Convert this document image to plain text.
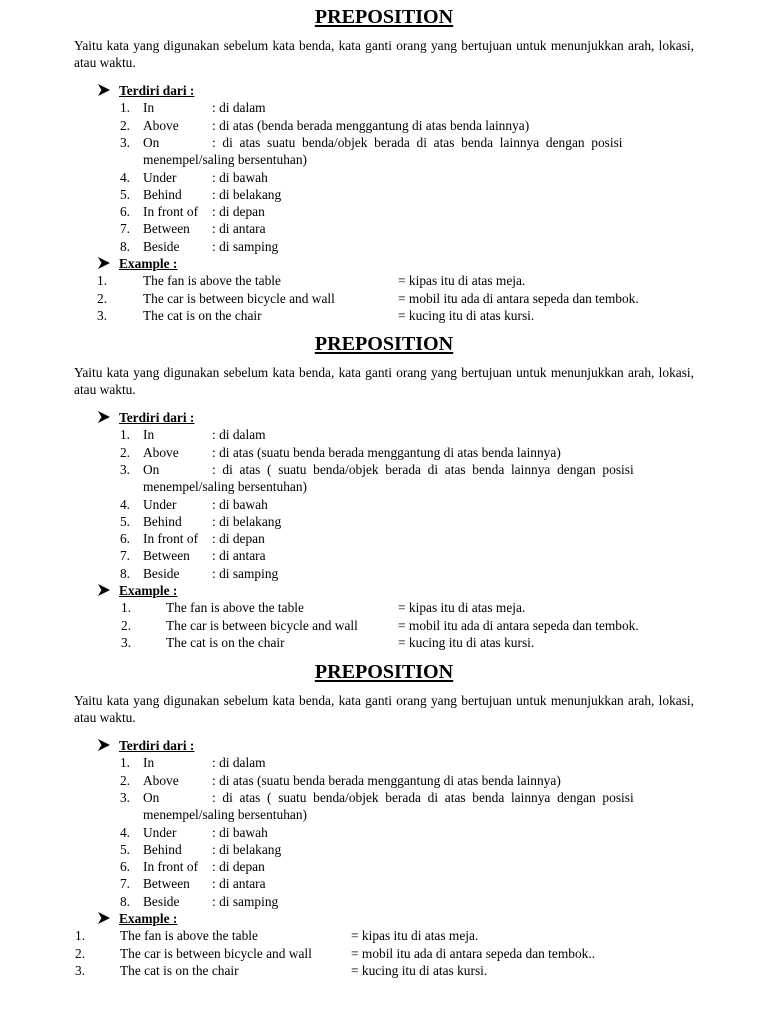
PREPOSITION

Yaitu kata yang digunakan sebelum kata benda, kata ganti orang yang bertujuan untuk menunjukkan arah, lokasi, atau waktu.

Terdiri dari :
1. In	: di dalam
2. Above : di atas (benda berada menggantung di atas benda lainnya)
3. On	:  di  atas  suatu  benda/objek  berada  di  atas  benda  lainnya  dengan  posisi
menempel/saling bersentuhan)
4. Under	: di bawah
5. Behind : di belakang
6. In front of : di depan
7. Between : di antara
8. Beside : di samping
Example :
1.	The fan is above the table	= kipas itu di atas meja.
2.	The car is between bicycle and wall	= mobil itu ada di antara sepeda dan tembok.
3.	The cat is on the chair	= kucing itu di atas kursi.
PREPOSITION

Yaitu kata yang digunakan sebelum kata benda, kata ganti orang yang bertujuan untuk menunjukkan arah, lokasi, atau waktu.

Terdiri dari :
1. In	: di dalam
2. Above : di atas (suatu benda berada menggantung di atas benda lainnya)
3. On	:  di  atas  (  suatu  benda/objek  berada  di  atas  benda  lainnya  dengan  posisi
menempel/saling bersentuhan)
4. Under	: di bawah
5. Behind : di belakang
6. In front of : di depan
7. Between : di antara
8. Beside : di samping
Example :
1.	The fan is above the table	= kipas itu di atas meja.
2.	The car is between bicycle and wall	= mobil itu ada di antara sepeda dan tembok.
3.	The cat is on the chair	= kucing itu di atas kursi.
PREPOSITION

Yaitu kata yang digunakan sebelum kata benda, kata ganti orang yang bertujuan untuk menunjukkan arah, lokasi, atau waktu.

Terdiri dari :
1. In	: di dalam
2. Above : di atas (suatu benda berada menggantung di atas benda lainnya)
3. On	:  di  atas  (  suatu  benda/objek  berada  di  atas  benda  lainnya  dengan  posisi
menempel/saling bersentuhan)
4. Under	: di bawah
5. Behind : di belakang
6. In front of : di depan
7. Between : di antara
8. Beside : di samping
Example :
1.	The fan is above the table	= kipas itu di atas meja.
2.	The car is between bicycle and wall	= mobil itu ada di antara sepeda dan tembok..
3.	The cat is on the chair	= kucing itu di atas kursi.
